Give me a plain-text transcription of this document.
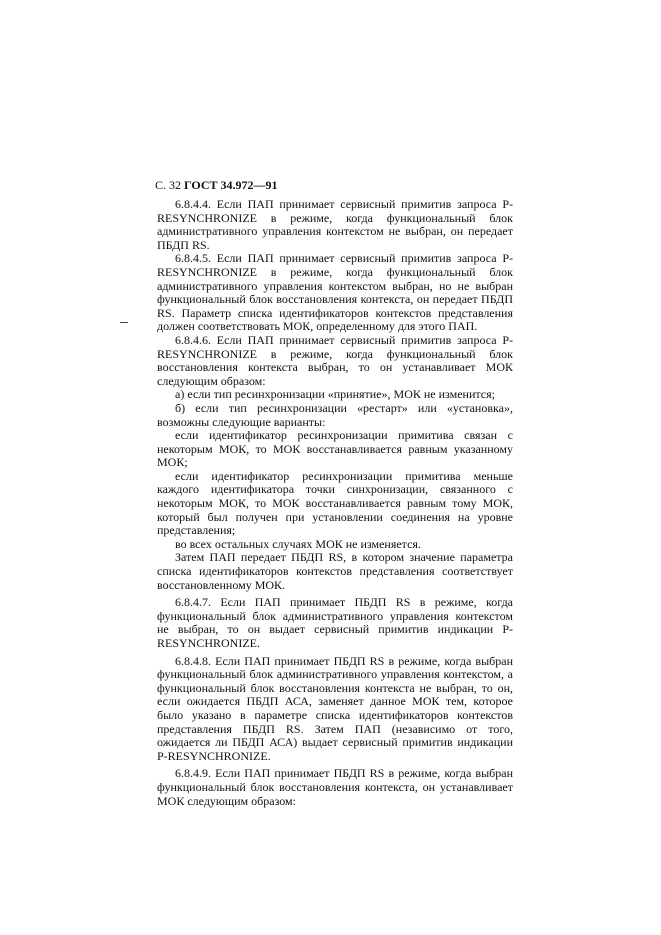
С. 32 ГОСТ 34.972—91

6.8.4.4. Если ПАП принимает сервисный примитив запроса P-RESYNCHRONIZE в режиме, когда функциональный блок административного управления контекстом не выбран, он передает ПБДП RS.

6.8.4.5. Если ПАП принимает сервисный примитив запроса P-RESYNCHRONIZE в режиме, когда функциональный блок административного управления контекстом выбран, но не выбран функциональный блок восстановления контекста, он передает ПБДП RS. Параметр списка идентификаторов контекстов представления должен соответствовать МОК, определенному для этого ПАП.

6.8.4.6. Если ПАП принимает сервисный примитив запроса P-RESYNCHRONIZE в режиме, когда функциональный блок восстановления контекста выбран, то он устанавливает МОК следующим образом:

а) если тип ресинхронизации «принятие», МОК не изменится;

б) если тип ресинхронизации «рестарт» или «установка», возможны следующие варианты:

если идентификатор ресинхронизации примитива связан с некоторым МОК, то МОК восстанавливается равным указанному МОК;

если идентификатор ресинхронизации примитива меньше каждого идентификатора точки синхронизации, связанного с некоторым МОК, то МОК восстанавливается равным тому МОК, который был получен при установлении соединения на уровне представления;

во всех остальных случаях МОК не изменяется.

Затем ПАП передает ПБДП RS, в котором значение параметра списка идентификаторов контекстов представления соответствует восстановленному МОК.

6.8.4.7. Если ПАП принимает ПБДП RS в режиме, когда функциональный блок административного управления контекстом не выбран, то он выдает сервисный примитив индикации P-RESYNCHRONIZE.

6.8.4.8. Если ПАП принимает ПБДП RS в режиме, когда выбран функциональный блок административного управления контекстом, а функциональный блок восстановления контекста не выбран, то он, если ожидается ПБДП АСА, заменяет данное МОК тем, которое было указано в параметре списка идентификаторов контекстов представления ПБДП RS. Затем ПАП (независимо от того, ожидается ли ПБДП АСА) выдает сервисный примитив индикации P-RESYNCHRONIZE.

6.8.4.9. Если ПАП принимает ПБДП RS в режиме, когда выбран функциональный блок восстановления контекста, он устанавливает МОК следующим образом:
